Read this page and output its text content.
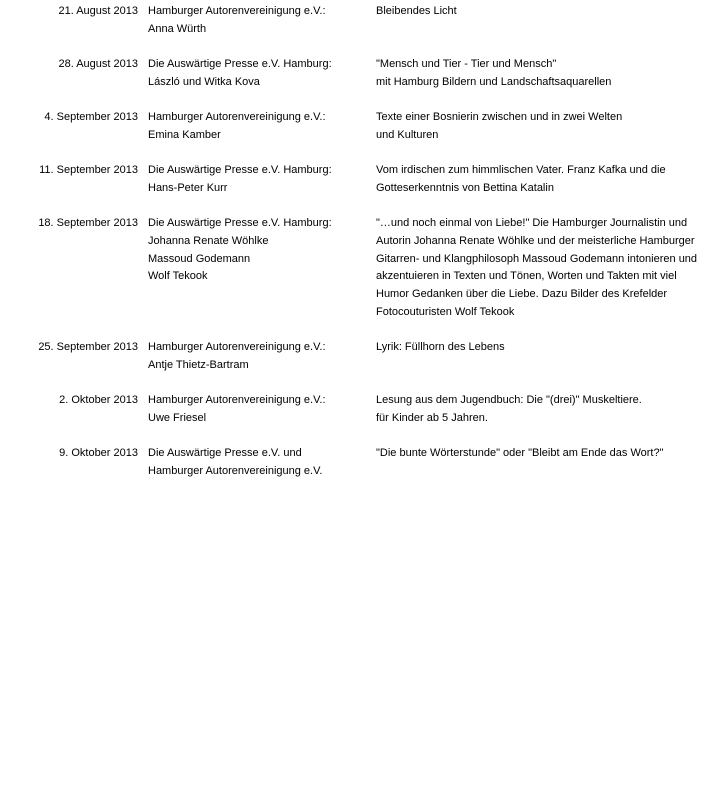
21. August 2013 Hamburger Autorenvereinigung e.V.:
Anna Würth
Bleibendes Licht
28. August 2013 Die Auswärtige Presse e.V. Hamburg:
László und Witka Kova
"Mensch und Tier - Tier und Mensch"
mit Hamburg Bildern und Landschaftsaquarellen
4. September 2013 Hamburger Autorenvereinigung e.V.:
Emina Kamber
Texte einer Bosnierin zwischen und in zwei Welten
und Kulturen
11. September 2013 Die Auswärtige Presse e.V. Hamburg:
Hans-Peter Kurr
Vom irdischen zum himmlischen Vater. Franz Kafka und die
Gotteserkenntnis von Bettina Katalin
18. September 2013 Die Auswärtige Presse e.V. Hamburg:
Johanna Renate Wöhlke
Massoud Godemann
Wolf Tekook
"…und noch einmal von Liebe!" Die Hamburger Journalistin und
Autorin Johanna Renate Wöhlke und der meisterliche Hamburger
Gitarren- und Klangphilosoph Massoud Godemann intonieren und
akzentuieren in Texten und Tönen, Worten und Takten mit viel
Humor Gedanken über die Liebe. Dazu Bilder des Krefelder
Fotocouturisten Wolf Tekook
25. September 2013 Hamburger Autorenvereinigung e.V.:
Antje Thietz-Bartram
Lyrik: Füllhorn des Lebens
2. Oktober 2013 Hamburger Autorenvereinigung e.V.:
Uwe Friesel
Lesung aus dem Jugendbuch: Die "(drei)" Muskeltiere.
für Kinder ab 5 Jahren.
9. Oktober 2013 Die Auswärtige Presse e.V. und
Hamburger Autorenvereinigung e.V.
"Die bunte Wörterstunde" oder "Bleibt am Ende das Wort?"
